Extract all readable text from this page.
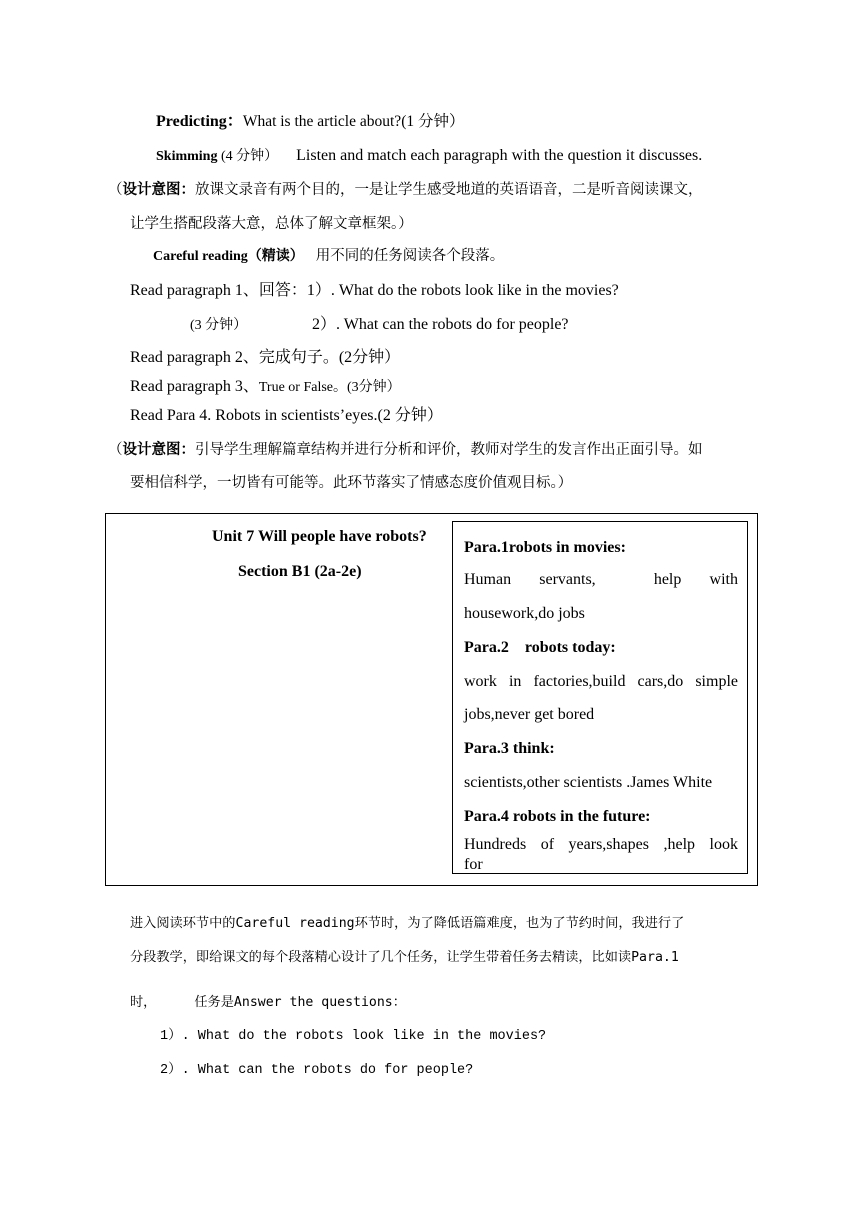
Predicting：What is the article about?(1 分钟）
Skimming (4 分钟） Listen and match each paragraph with the question it discusses.
（设计意图：放课文录音有两个目的，一是让学生感受地道的英语语音，二是听音阅读课文，
让学生搭配段落大意，总体了解文章框架。）
Careful reading（精读） 用不同的任务阅读各个段落。
Read paragraph 1、回答：1）. What do the robots look like in the movies?
(3 分钟）	2）. What can the robots do for people?
Read paragraph 2、完成句子。(2分钟）
Read paragraph 3、True or False。(3分钟）
Read Para 4. Robots in scientists’eyes.(2 分钟）
（设计意图：引导学生理解篇章结构并进行分析和评价，教师对学生的发言作出正面引导。如
要相信科学，一切皆有可能等。此环节落实了情感态度价值观目标。）
Unit 7 Will people have robots?
Section B1 (2a-2e)
Para.1robots in movies:
Human servants,	help with
housework,do jobs
Para.2    robots today:
work in factories,build cars,do simple
jobs,never get bored
Para.3 think:
scientists,other scientists .James White
Para.4 robots in the future:
Hundreds of years,shapes ,help look
for
进入阅读环节中的Careful reading环节时，为了降低语篇难度，也为了节约时间，我进行了
分段教学，即给课文的每个段落精心设计了几个任务，让学生带着任务去精读，比如读Para.1
时，	任务是Answer the questions：
1）. What do the robots look like in the movies?
2）. What can the robots do for people?
